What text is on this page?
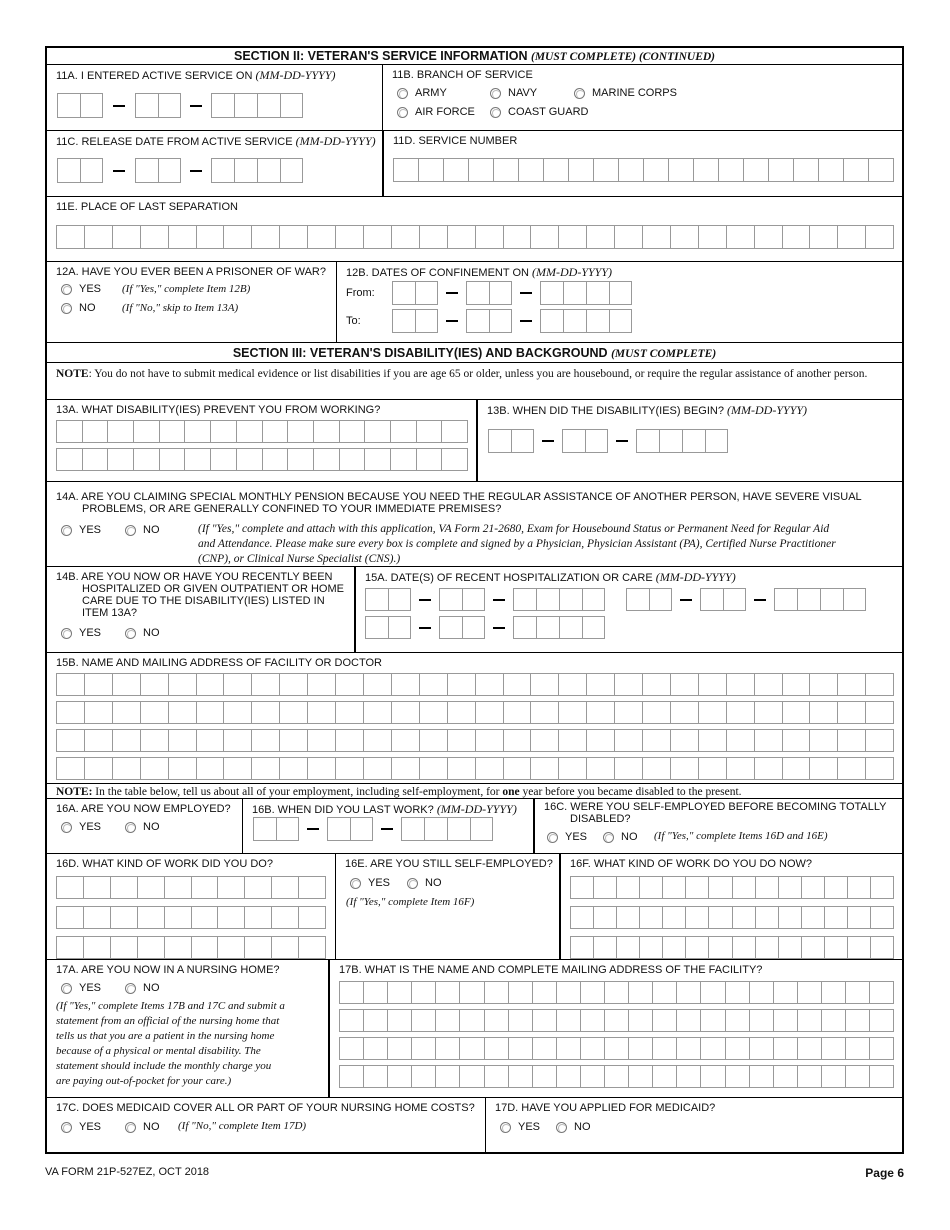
SECTION II: VETERAN'S SERVICE INFORMATION (MUST COMPLETE) (CONTINUED)
11A. I ENTERED ACTIVE SERVICE ON (MM-DD-YYYY)	11B. BRANCH OF SERVICE
ARMY	NAVY	MARINE CORPS
AIR FORCE	COAST GUARD
11C. RELEASE DATE FROM ACTIVE SERVICE (MM-DD-YYYY) 11D. SERVICE NUMBER
11E. PLACE OF LAST SEPARATION
12A. HAVE YOU EVER BEEN A PRISONER OF WAR?
YES (If "Yes," complete Item 12B)
NO (If "No," skip to Item 13A)
12B. DATES OF CONFINEMENT ON (MM-DD-YYYY)
From:
To:
SECTION III: VETERAN'S DISABILITY(IES) AND BACKGROUND (MUST COMPLETE)
NOTE: You do not have to submit medical evidence or list disabilities if you are age 65 or older, unless you are housebound, or require the regular assistance of another person.
13A. WHAT DISABILITY(IES) PREVENT YOU FROM WORKING?	13B. WHEN DID THE DISABILITY(IES) BEGIN? (MM-DD-YYYY)
14A. ARE YOU CLAIMING SPECIAL MONTHLY PENSION BECAUSE YOU NEED THE REGULAR ASSISTANCE OF ANOTHER PERSON, HAVE SEVERE VISUAL
PROBLEMS, OR ARE GENERALLY CONFINED TO YOUR IMMEDIATE PREMISES?
YES	NO	(If "Yes," complete and attach with this application, VA Form 21-2680, Exam for Housebound Status or Permanent Need for Regular Aid
and Attendance. Please make sure every box is complete and signed by a Physician, Physician Assistant (PA), Certified Nurse Practitioner
(CNP), or Clinical Nurse Specialist (CNS).)
14B. ARE YOU NOW OR HAVE YOU RECENTLY BEEN
HOSPITALIZED OR GIVEN OUTPATIENT OR HOME
CARE DUE TO THE DISABILITY(IES) LISTED IN
ITEM 13A?
YES	NO
15A. DATE(S) OF RECENT HOSPITALIZATION OR CARE (MM-DD-YYYY)
15B. NAME AND MAILING ADDRESS OF FACILITY OR DOCTOR
NOTE: In the table below, tell us about all of your employment, including self-employment, for one year before you became disabled to the present.
16A. ARE YOU NOW EMPLOYED?
YES	NO
16B. WHEN DID YOU LAST WORK? (MM-DD-YYYY) 16C. WERE YOU SELF-EMPLOYED BEFORE BECOMING TOTALLY
DISABLED?
YES	NO (If "Yes," complete Items 16D and 16E)
16D. WHAT KIND OF WORK DID YOU DO?	16E. ARE YOU STILL SELF-EMPLOYED?
YES	NO
(If "Yes," complete Item 16F)
16F. WHAT KIND OF WORK DO YOU DO NOW?
17A. ARE YOU NOW IN A NURSING HOME?
YES	NO
(If "Yes," complete Items 17B and 17C and submit a
statement from an official of the nursing home that
tells us that you are a patient in the nursing home
because of a physical or mental disability. The
statement should include the monthly charge you
are paying out-of-pocket for your care.)
17B. WHAT IS THE NAME AND COMPLETE MAILING ADDRESS OF THE FACILITY?
17C. DOES MEDICAID COVER ALL OR PART OF YOUR NURSING HOME COSTS?
YES	NO (If "No," complete Item 17D)
17D. HAVE YOU APPLIED FOR MEDICAID?
YES	NO
VA FORM 21P-527EZ, OCT 2018	Page 6
